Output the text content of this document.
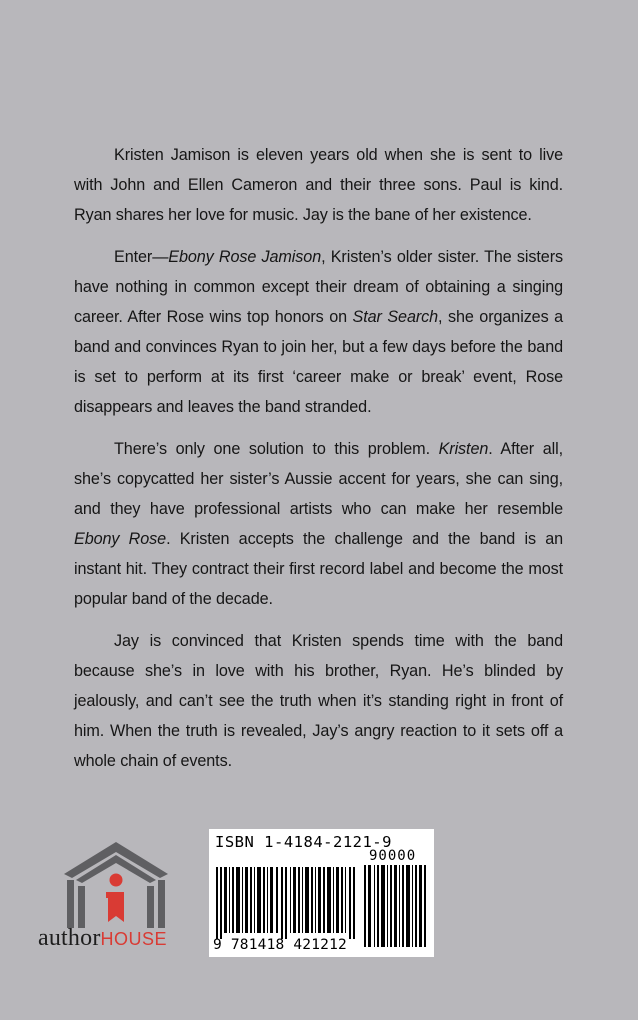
Kristen Jamison is eleven years old when she is sent to live with John and Ellen Cameron and their three sons. Paul is kind. Ryan shares her love for music. Jay is the bane of her existence.

Enter—Ebony Rose Jamison, Kristen’s older sister. The sisters have nothing in common except their dream of obtaining a singing career. After Rose wins top honors on Star Search, she organizes a band and convinces Ryan to join her, but a few days before the band is set to perform at its first ‘career make or break’ event, Rose disappears and leaves the band stranded.

There’s only one solution to this problem. Kristen. After all, she’s copycatted her sister’s Aussie accent for years, she can sing, and they have professional artists who can make her resemble Ebony Rose. Kristen accepts the challenge and the band is an instant hit. They contract their first record label and become the most popular band of the decade.

Jay is convinced that Kristen spends time with the band because she’s in love with his brother, Ryan. He’s blinded by jealously, and can’t see the truth when it’s standing right in front of him. When the truth is revealed, Jay’s angry reaction to it sets off a whole chain of events.

authorHOUSE
ISBN 1-4184-2121-9
90000
9 781418 421212
